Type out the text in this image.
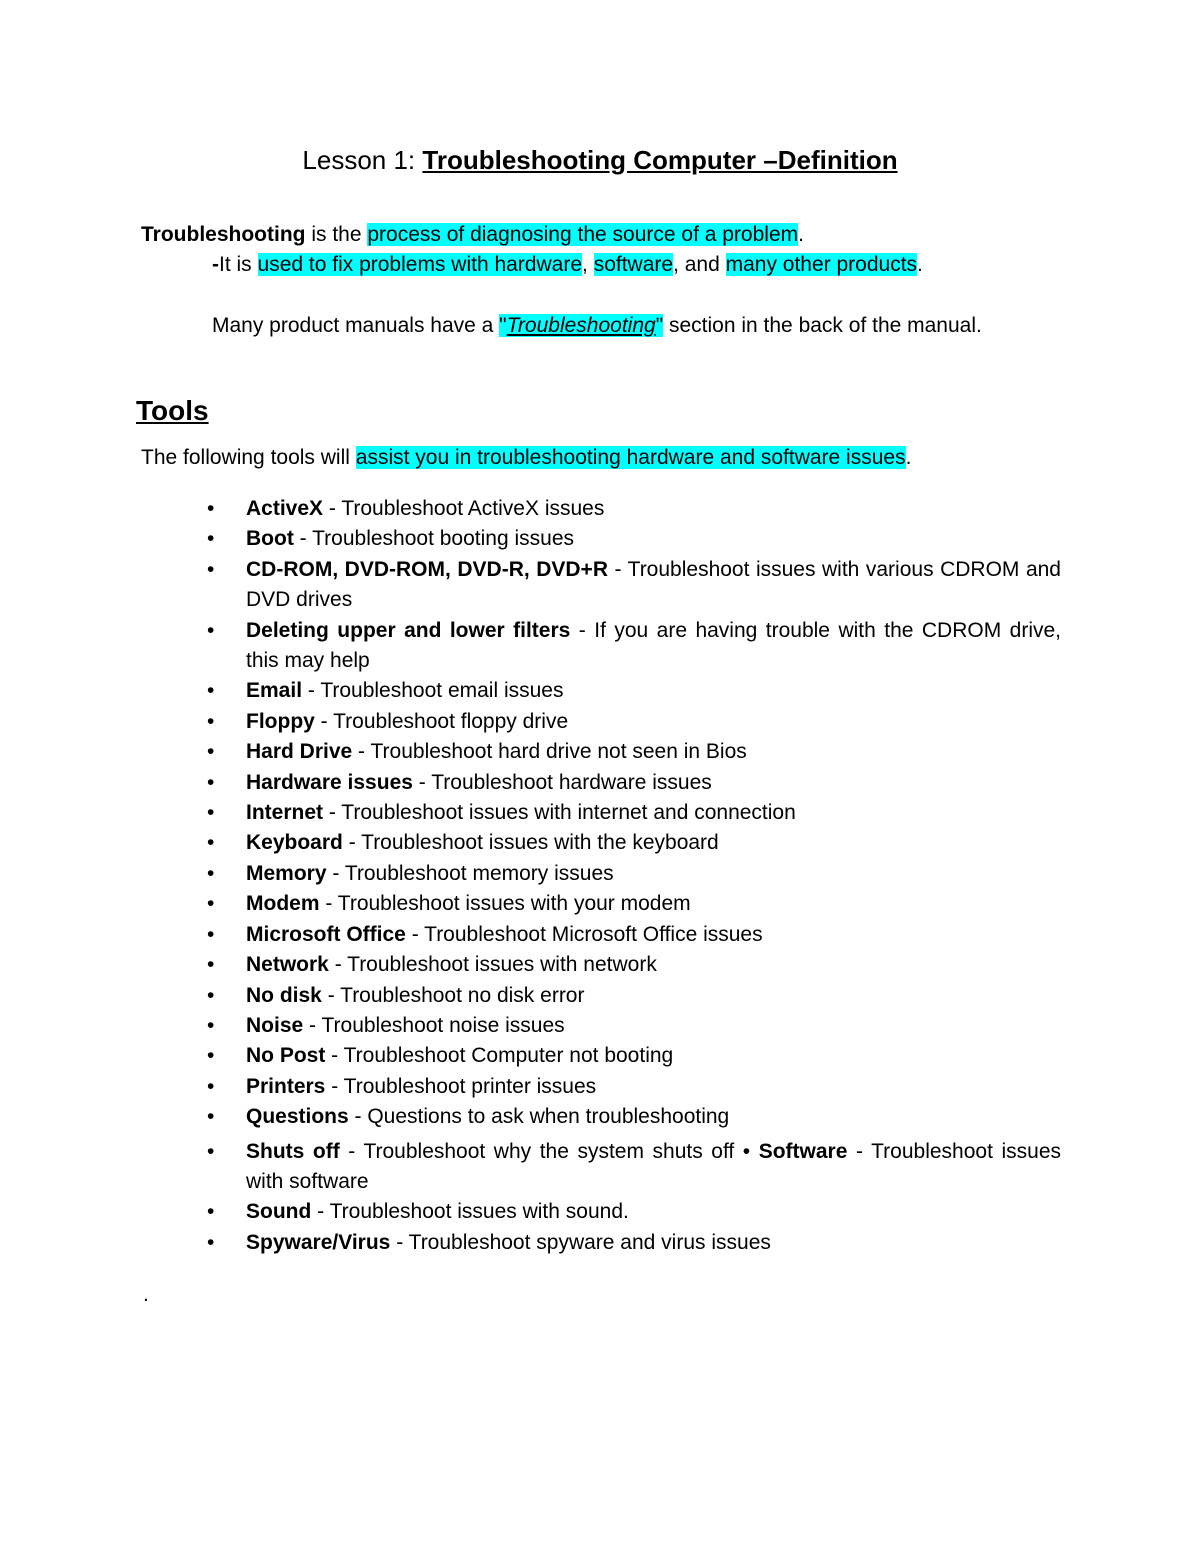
Lesson 1: Troubleshooting Computer –Definition
Troubleshooting is the process of diagnosing the source of a problem.
-It is used to fix problems with hardware, software, and many other products.
Many product manuals have a "Troubleshooting" section in the back of the manual.
Tools
The following tools will assist you in troubleshooting hardware and software issues.
•	ActiveX - Troubleshoot ActiveX issues
•	Boot - Troubleshoot booting issues
•	CD-ROM, DVD-ROM, DVD-R, DVD+R - Troubleshoot issues with various CDROM and DVD drives
•	Deleting upper and lower filters - If you are having trouble with the CDROM drive, this may help
•	Email - Troubleshoot email issues
•	Floppy - Troubleshoot floppy drive
•	Hard Drive - Troubleshoot hard drive not seen in Bios
•	Hardware issues - Troubleshoot hardware issues
•	Internet - Troubleshoot issues with internet and connection
•	Keyboard - Troubleshoot issues with the keyboard
•	Memory - Troubleshoot memory issues
•	Modem - Troubleshoot issues with your modem
•	Microsoft Office - Troubleshoot Microsoft Office issues
•	Network - Troubleshoot issues with network
•	No disk - Troubleshoot no disk error
•	Noise - Troubleshoot noise issues
•	No Post - Troubleshoot Computer not booting
•	Printers - Troubleshoot printer issues
•	Questions - Questions to ask when troubleshooting
•	Shuts off - Troubleshoot why the system shuts off • Software - Troubleshoot issues with software
•	Sound - Troubleshoot issues with sound.
•	Spyware/Virus - Troubleshoot spyware and virus issues
.
